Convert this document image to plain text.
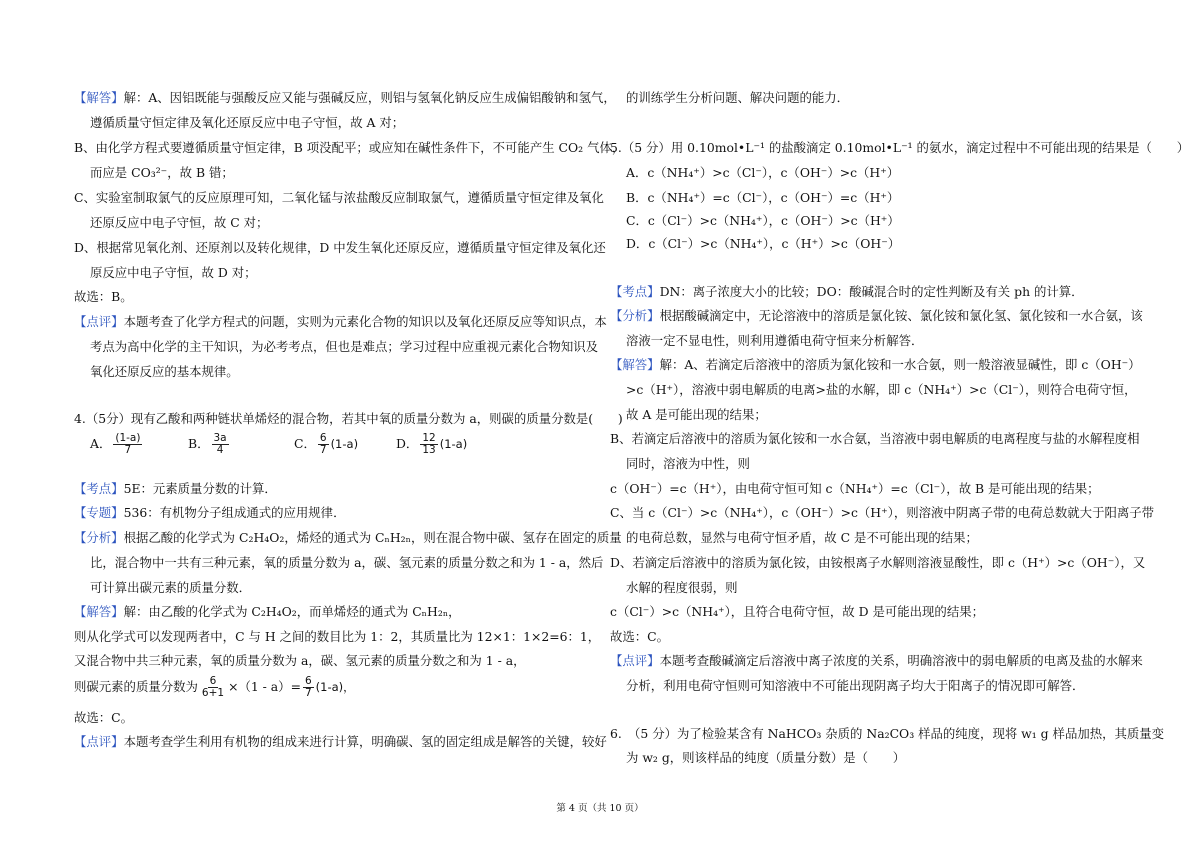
【解答】解：A、因铝既能与强酸反应又能与强碱反应，则铝与氢氧化钠反应生成偏铝酸钠和氢气，
遵循质量守恒定律及氧化还原反应中电子守恒，故 A 对；
B、由化学方程式要遵循质量守恒定律，B 项没配平；或应知在碱性条件下，不可能产生 CO₂ 气体，
而应是 CO₃²⁻，故 B 错；
C、实验室制取氯气的反应原理可知，二氧化锰与浓盐酸反应制取氯气，遵循质量守恒定律及氧化
还原反应中电子守恒，故 C 对；
D、根据常见氧化剂、还原剂以及转化规律，D 中发生氧化还原反应，遵循质量守恒定律及氧化还
原反应中电子守恒，故 D 对；
故选：B。
【点评】本题考查了化学方程式的问题，实则为元素化合物的知识以及氧化还原反应等知识点，本
考点为高中化学的主干知识，为必考考点，但也是难点；学习过程中应重视元素化合物知识及
氧化还原反应的基本规律。
4.（5分）现有乙酸和两种链状单烯烃的混合物，若其中氧的质量分数为 a，则碳的质量分数是(　　)
A． $\frac{(1-a)}{7}$	B． $\frac{3a}{4}$	C． $\frac{6}{7} (1-a)$	D． $\frac{12}{13} (1-a)$
【考点】5E：元素质量分数的计算．
【专题】536：有机物分子组成通式的应用规律．
【分析】根据乙酸的化学式为 C₂H₄O₂，烯烃的通式为 CₙH₂ₙ，则在混合物中碳、氢存在固定的质量
比，混合物中一共有三种元素，氧的质量分数为 a，碳、氢元素的质量分数之和为 1 - a，然后
可计算出碳元素的质量分数．
【解答】解：由乙酸的化学式为 C₂H₄O₂，而单烯烃的通式为 CₙH₂ₙ，
则从化学式可以发现两者中，C 与 H 之间的数目比为 1：2，其质量比为 12×1：1×2=6：1，
又混合物中共三种元素，氧的质量分数为 a，碳、氢元素的质量分数之和为 1 - a，
则碳元素的质量分数为 $\frac{6}{6+1} \times(1 - a)= \frac{6}{7} (1-a)$，
故选：C。
【点评】本题考查学生利用有机物的组成来进行计算，明确碳、氢的固定组成是解答的关键，较好
的训练学生分析问题、解决问题的能力．
5.（5 分）用 0.10mol•L⁻¹ 的盐酸滴定 0.10mol•L⁻¹ 的氨水，滴定过程中不可能出现的结果是（　　）
A．c（NH₄⁺）>c（Cl⁻），c（OH⁻）>c（H⁺）
B．c（NH₄⁺）=c（Cl⁻），c（OH⁻）=c（H⁺）
C．c（Cl⁻）>c（NH₄⁺），c（OH⁻）>c（H⁺）
D．c（Cl⁻）>c（NH₄⁺），c（H⁺）>c（OH⁻）
【考点】DN：离子浓度大小的比较；DO：酸碱混合时的定性判断及有关 ph 的计算．
【分析】根据酸碱滴定中，无论溶液中的溶质是氯化铵、氯化铵和氯化氢、氯化铵和一水合氨，该
溶液一定不显电性，则利用遵循电荷守恒来分析解答．
【解答】解：A、若滴定后溶液中的溶质为氯化铵和一水合氨，则一般溶液显碱性，即 c（OH⁻）
>c（H⁺），溶液中弱电解质的电离>盐的水解，即 c（NH₄⁺）>c（Cl⁻），则符合电荷守恒，
故 A 是可能出现的结果；
B、若滴定后溶液中的溶质为氯化铵和一水合氨，当溶液中弱电解质的电离程度与盐的水解程度相
同时，溶液为中性，则
c（OH⁻）=c（H⁺），由电荷守恒可知 c（NH₄⁺）=c（Cl⁻），故 B 是可能出现的结果；
C、当 c（Cl⁻）>c（NH₄⁺），c（OH⁻）>c（H⁺），则溶液中阴离子带的电荷总数就大于阳离子带
的电荷总数，显然与电荷守恒矛盾，故 C 是不可能出现的结果；
D、若滴定后溶液中的溶质为氯化铵，由铵根离子水解则溶液显酸性，即 c（H⁺）>c（OH⁻），又
水解的程度很弱，则
c（Cl⁻）>c（NH₄⁺），且符合电荷守恒，故 D 是可能出现的结果；
故选：C。
【点评】本题考查酸碱滴定后溶液中离子浓度的关系，明确溶液中的弱电解质的电离及盐的水解来
分析，利用电荷守恒则可知溶液中不可能出现阴离子均大于阳离子的情况即可解答．
6.　（5 分）为了检验某含有 NaHCO₃ 杂质的 Na₂CO₃ 样品的纯度，现将 w₁ g 样品加热，其质量变
为 w₂ g，则该样品的纯度（质量分数）是（　　）
第 4 页（共 10 页）
